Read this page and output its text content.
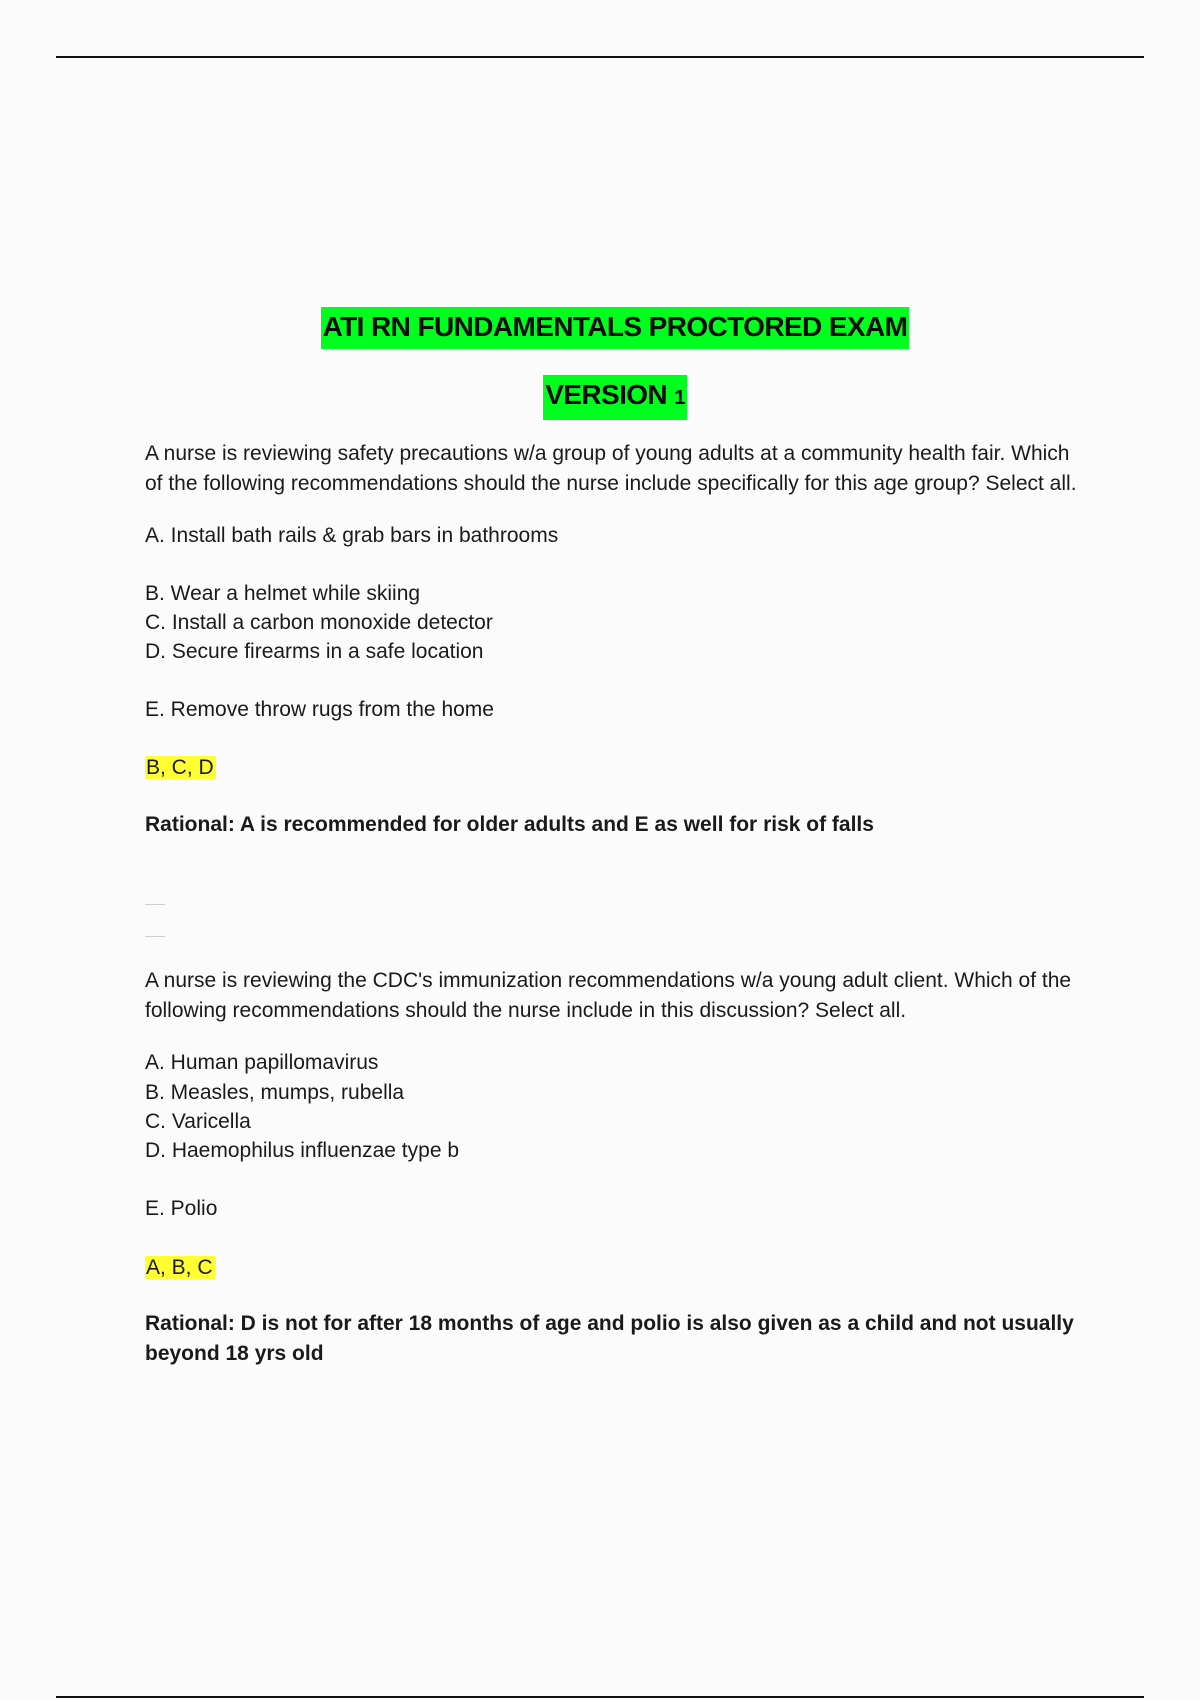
ATI RN FUNDAMENTALS PROCTORED EXAM
VERSION 1
A nurse is reviewing safety precautions w/a group of young adults at a community health fair. Which of the following recommendations should the nurse include specifically for this age group? Select all.
A. Install bath rails & grab bars in bathrooms
B. Wear a helmet while skiing
C. Install a carbon monoxide detector
D. Secure firearms in a safe location
E. Remove throw rugs from the home
B, C, D
Rational: A is recommended for older adults and E as well for risk of falls
A nurse is reviewing the CDC's immunization recommendations w/a young adult client. Which of the following recommendations should the nurse include in this discussion? Select all.
A. Human papillomavirus
B. Measles, mumps, rubella
C. Varicella
D. Haemophilus influenzae type b
E. Polio
A, B, C
Rational: D is not for after 18 months of age and polio is also given as a child and not usually beyond 18 yrs old
